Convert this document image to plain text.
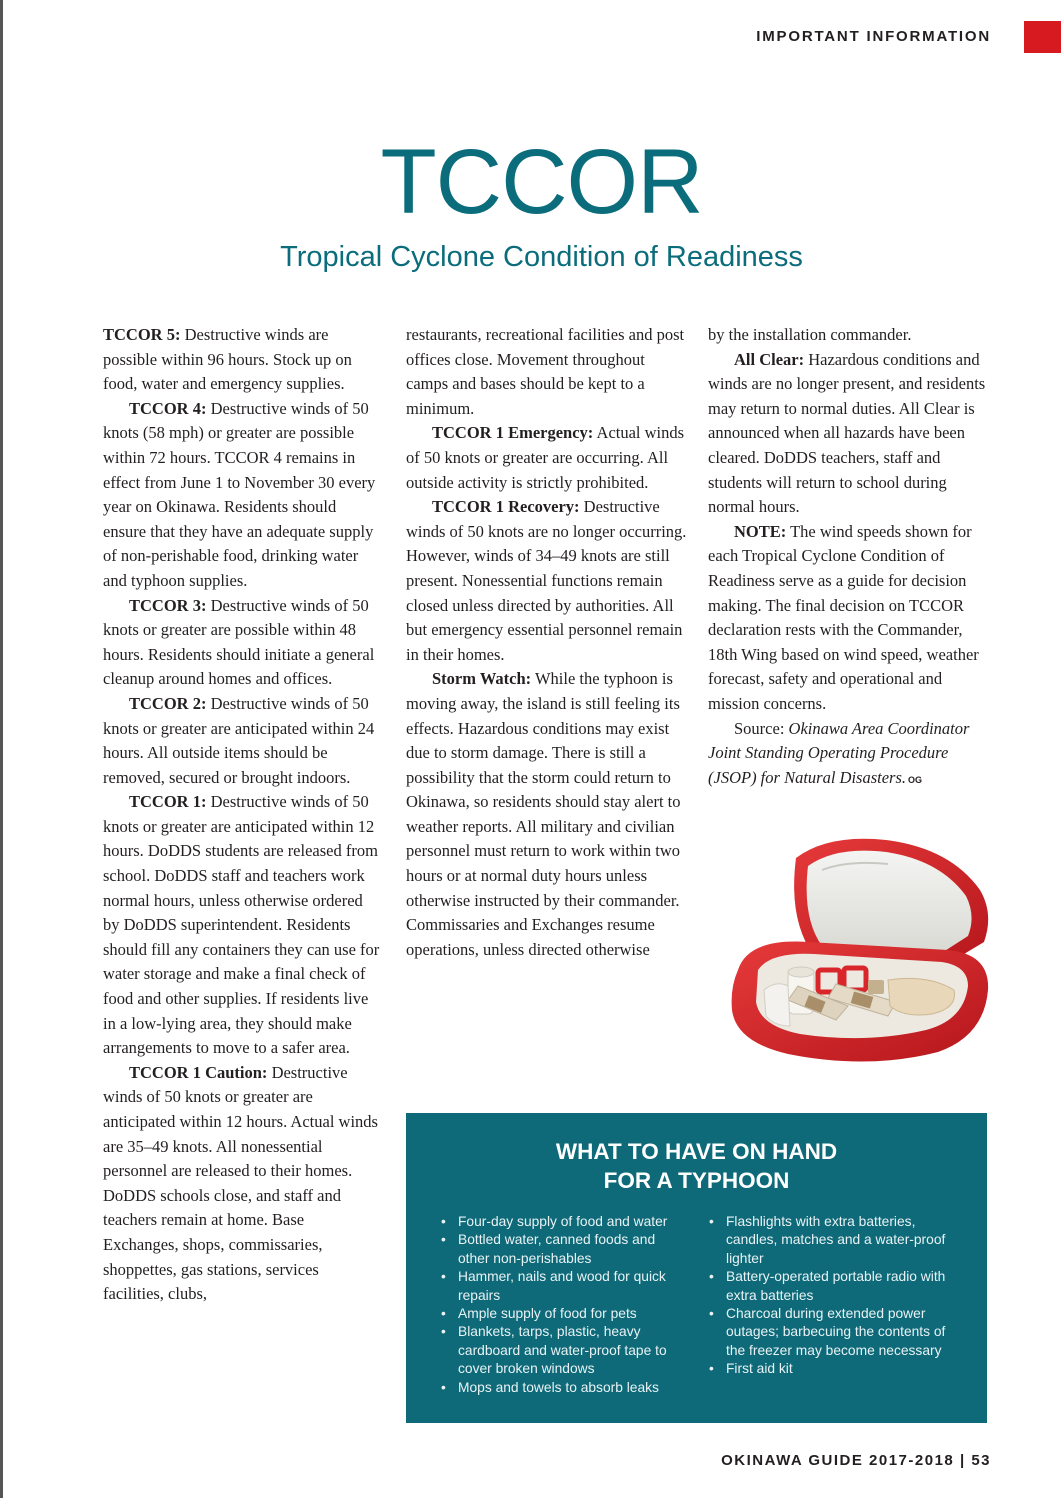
IMPORTANT INFORMATION
TCCOR
Tropical Cyclone Condition of Readiness

TCCOR 5: Destructive winds are possible within 96 hours. Stock up on food, water and emergency supplies.

TCCOR 4: Destructive winds of 50 knots (58 mph) or greater are possible within 72 hours. TCCOR 4 remains in effect from June 1 to November 30 every year on Okinawa. Residents should ensure that they have an adequate supply of non-perishable food, drinking water and typhoon supplies.

TCCOR 3: Destructive winds of 50 knots or greater are possible within 48 hours. Residents should initiate a general cleanup around homes and offices.

TCCOR 2: Destructive winds of 50 knots or greater are anticipated within 24 hours. All outside items should be removed, secured or brought indoors.

TCCOR 1: Destructive winds of 50 knots or greater are anticipated within 12 hours. DoDDS students are released from school. DoDDS staff and teachers work normal hours, unless otherwise ordered by DoDDS superintendent. Residents should fill any containers they can use for water storage and make a final check of food and other supplies. If residents live in a low-lying area, they should make arrangements to move to a safer area.

TCCOR 1 Caution: Destructive winds of 50 knots or greater are anticipated within 12 hours. Actual winds are 35–49 knots. All nonessential personnel are released to their homes. DoDDS schools close, and staff and teachers remain at home. Base Exchanges, shops, commissaries, shoppettes, gas stations, services facilities, clubs,

restaurants, recreational facilities and post offices close. Movement throughout camps and bases should be kept to a minimum.

TCCOR 1 Emergency: Actual winds of 50 knots or greater are occurring. All outside activity is strictly prohibited.

TCCOR 1 Recovery: Destructive winds of 50 knots are no longer occurring. However, winds of 34–49 knots are still present. Nonessential functions remain closed unless directed by authorities. All but emergency essential personnel remain in their homes.

Storm Watch: While the typhoon is moving away, the island is still feeling its effects. Hazardous conditions may exist due to storm damage. There is still a possibility that the storm could return to Okinawa, so residents should stay alert to weather reports. All military and civilian personnel must return to work within two hours or at normal duty hours unless otherwise instructed by their commander. Commissaries and Exchanges resume operations, unless directed otherwise

by the installation commander.

All Clear: Hazardous conditions and winds are no longer present, and residents may return to normal duties. All Clear is announced when all hazards have been cleared. DoDDS teachers, staff and students will return to school during normal hours.

NOTE: The wind speeds shown for each Tropical Cyclone Condition of Readiness serve as a guide for decision making. The final decision on TCCOR declaration rests with the Commander, 18th Wing based on wind speed, weather forecast, safety and operational and mission concerns.

Source: Okinawa Area Coordinator Joint Standing Operating Procedure (JSOP) for Natural Disasters. OG

WHAT TO HAVE ON HAND
FOR A TYPHOON
• Four-day supply of food and water
• Bottled water, canned foods and other non-perishables
• Hammer, nails and wood for quick repairs
• Ample supply of food for pets
• Blankets, tarps, plastic, heavy cardboard and water-proof tape to cover broken windows
• Mops and towels to absorb leaks
• Flashlights with extra batteries, candles, matches and a water-proof lighter
• Battery-operated portable radio with extra batteries
• Charcoal during extended power outages; barbecuing the contents of the freezer may become necessary
• First aid kit
OKINAWA GUIDE 2017-2018 | 53
